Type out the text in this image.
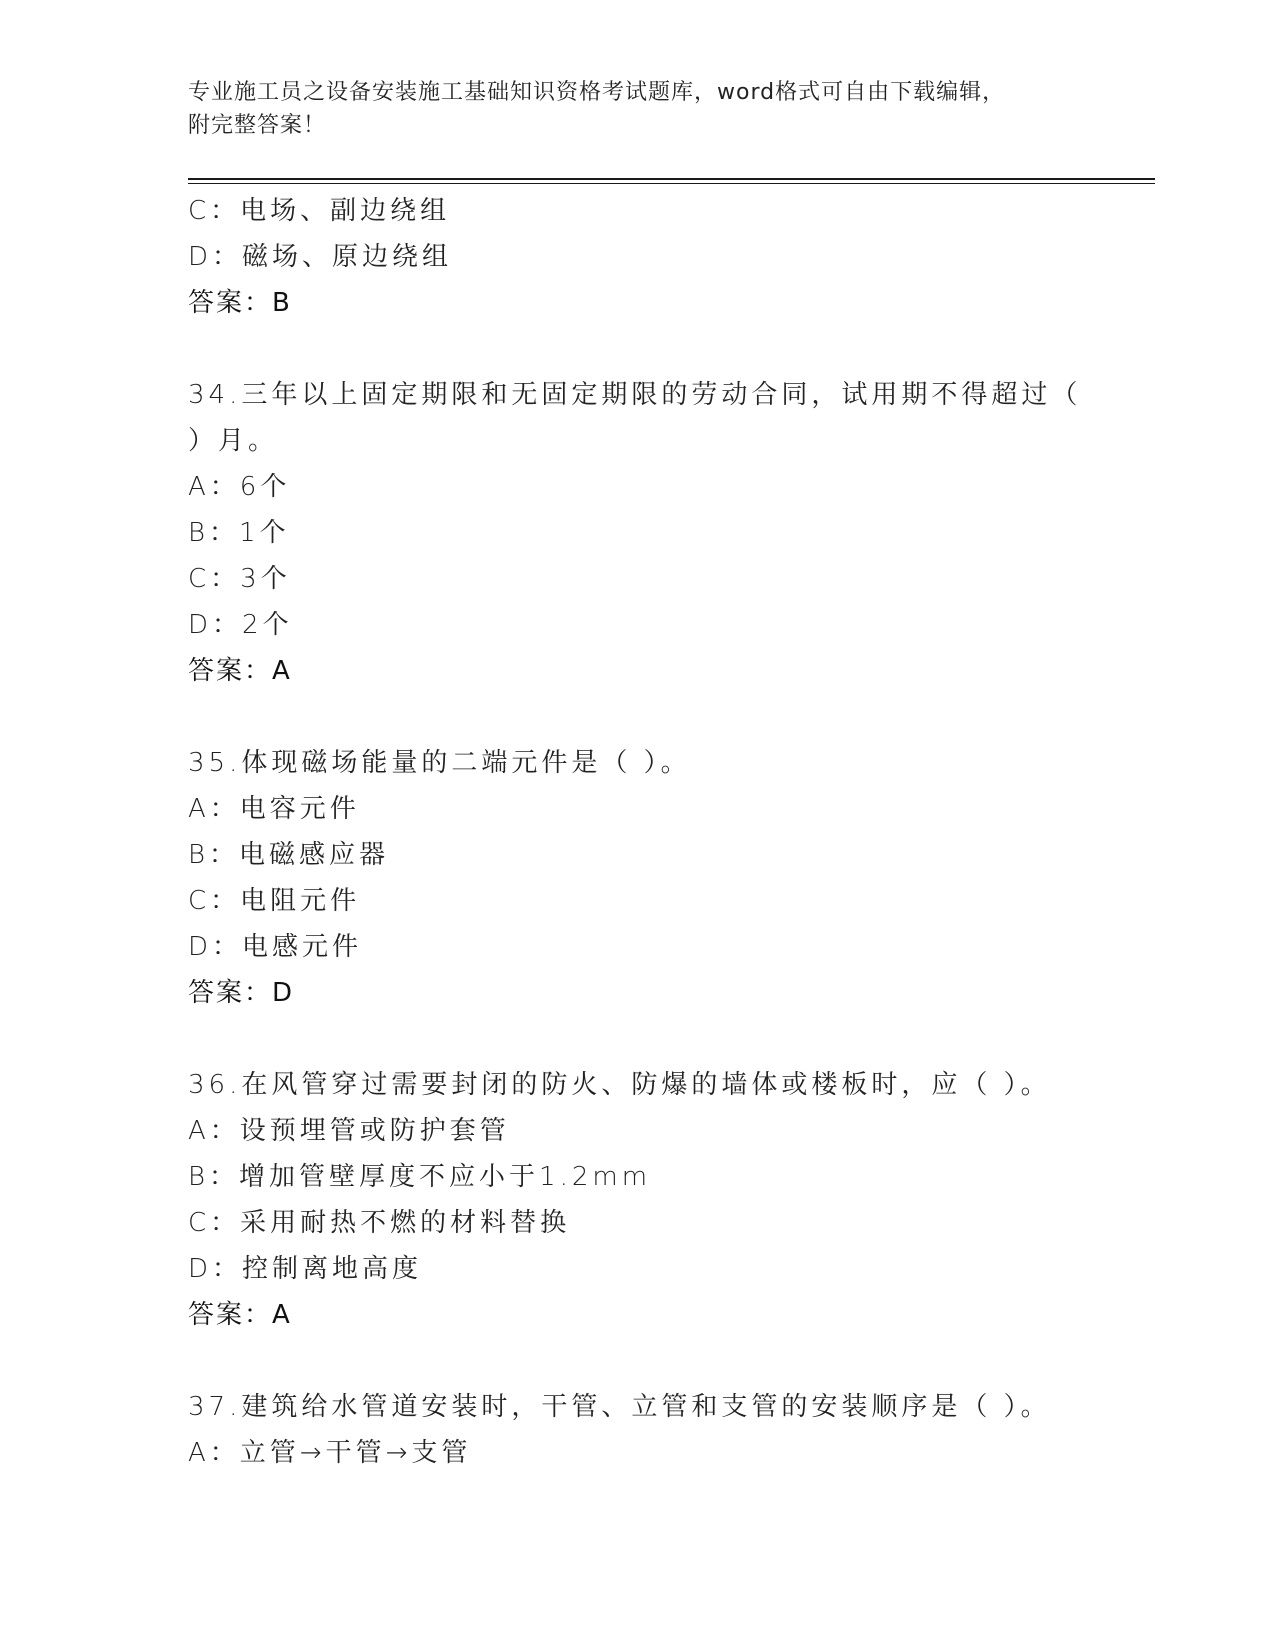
专业施工员之设备安装施工基础知识资格考试题库，word格式可自由下载编辑，
附完整答案！
C：电场、副边绕组
D：磁场、原边绕组
答案：B
34.三年以上固定期限和无固定期限的劳动合同，试用期不得超过（
）月。
A：6个
B：1个
C：3个
D：2个
答案：A
35.体现磁场能量的二端元件是（ ）。
A：电容元件
B：电磁感应器
C：电阻元件
D：电感元件
答案：D
36.在风管穿过需要封闭的防火、防爆的墙体或楼板时，应（ ）。
A：设预埋管或防护套管
B：增加管壁厚度不应小于1.2mm
C：采用耐热不燃的材料替换
D：控制离地高度
答案：A
37.建筑给水管道安装时，干管、立管和支管的安装顺序是（ ）。
A：立管→干管→支管
